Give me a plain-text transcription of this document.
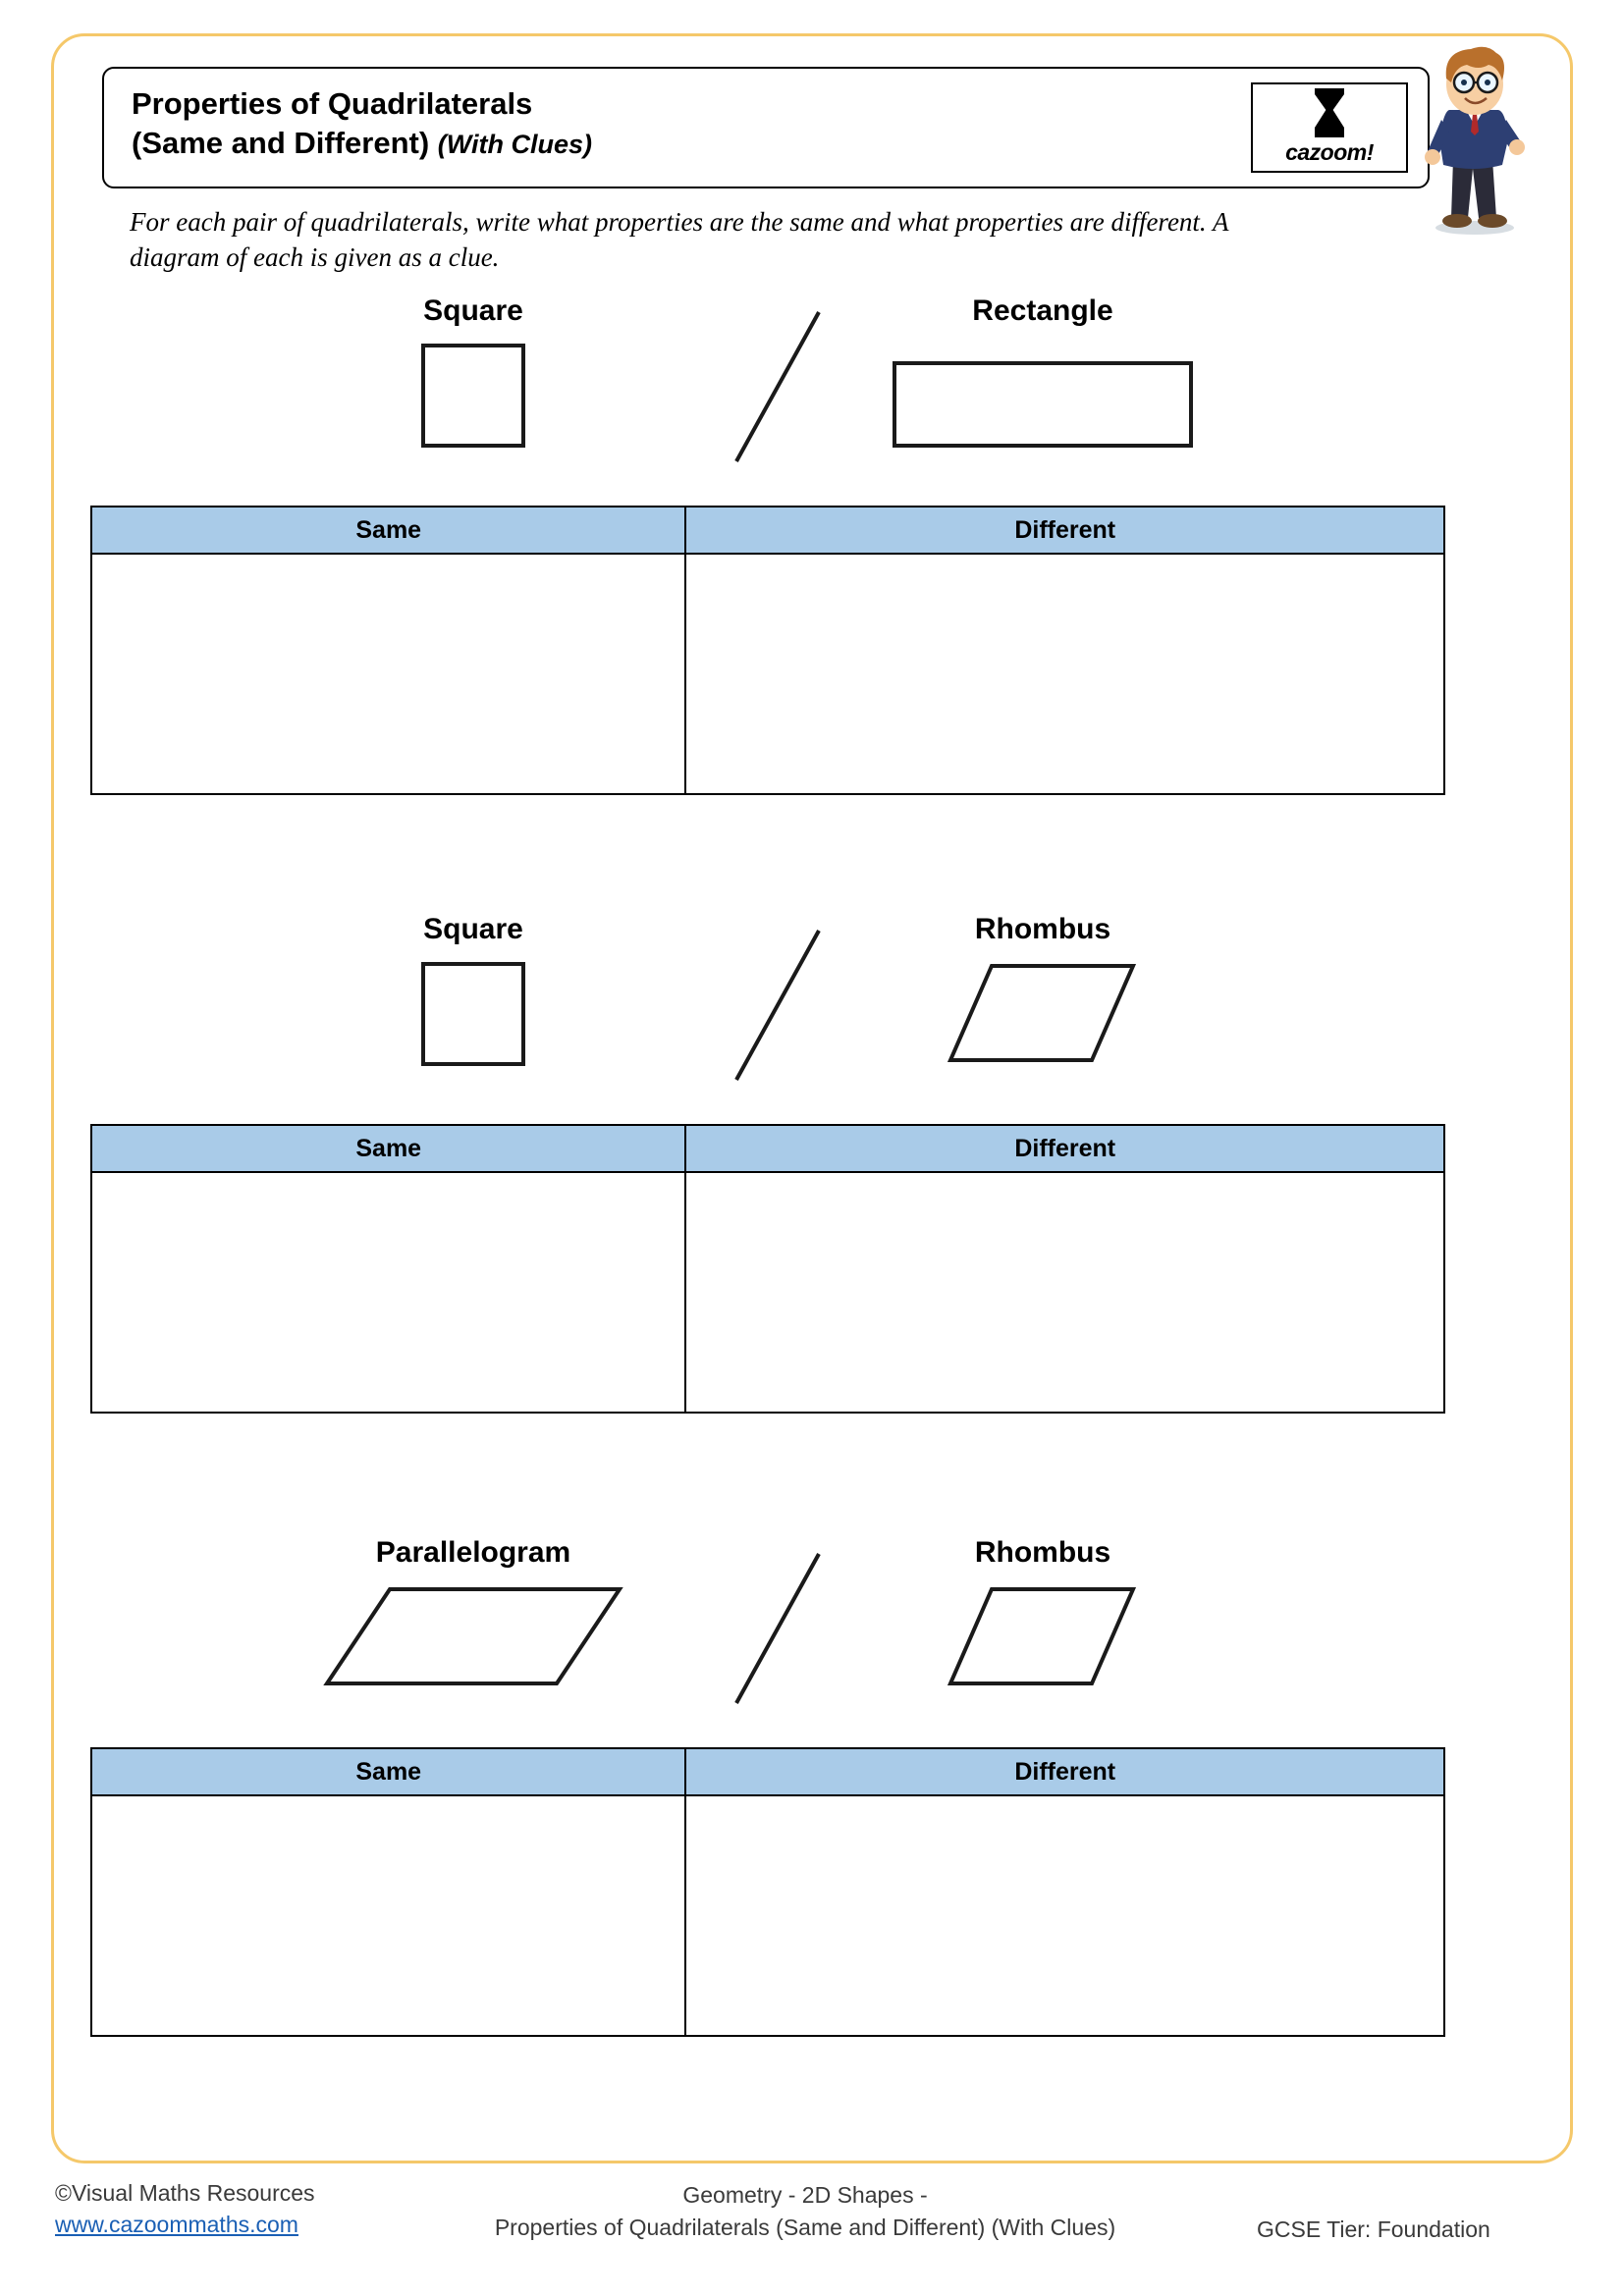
Properties of Quadrilaterals
(Same and Different) (With Clues)	cazoom!
For each pair of quadrilaterals, write what properties are the same and what properties are different. A diagram of each is given as a clue.
Square	Rectangle
Same	Different
Square	Rhombus
Same	Different
Parallelogram	Rhombus
Same	Different
©Visual Maths Resources
www.cazoommaths.com
Geometry - 2D Shapes -
Properties of Quadrilaterals (Same and Different) (With Clues)	GCSE Tier: Foundation
